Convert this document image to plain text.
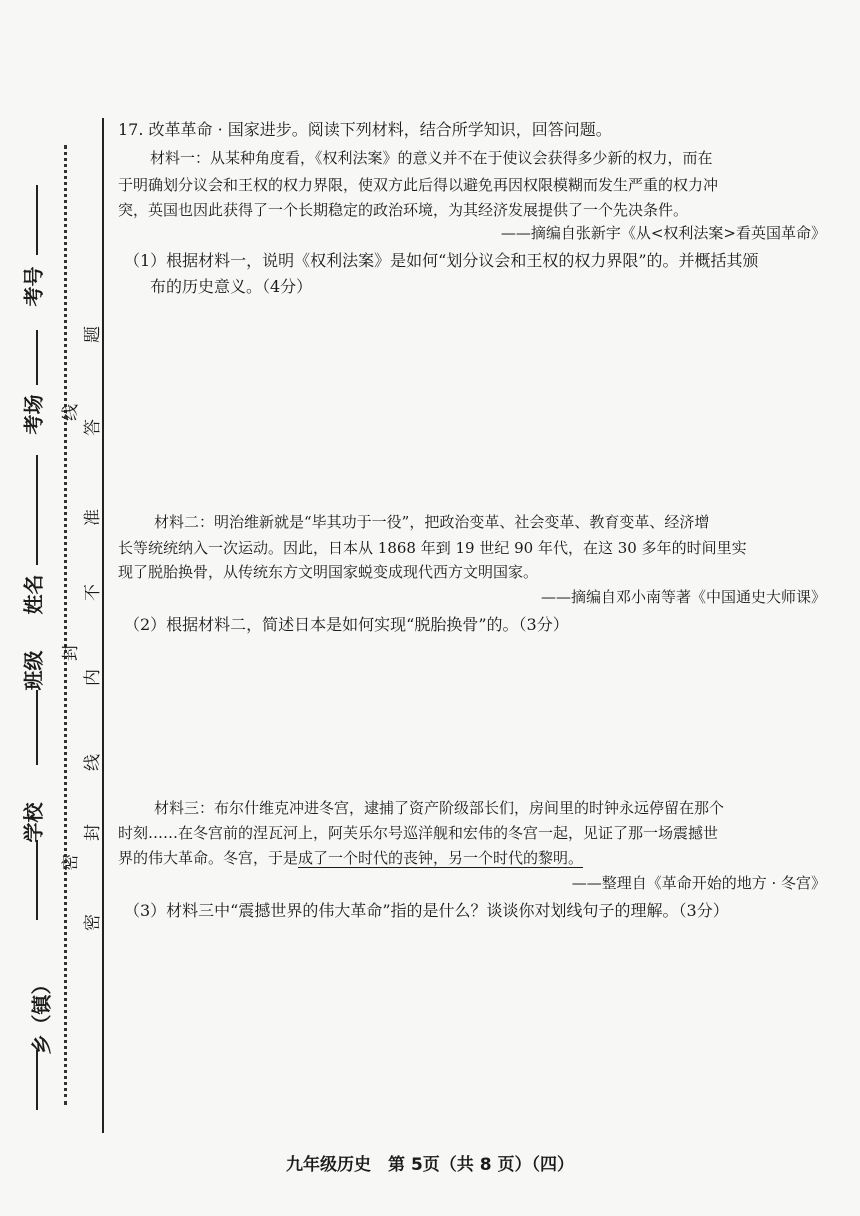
考号
考场
姓名
班级
学校
乡（镇）
题
答
准
不
内
封
线
封
密
密
线
17. 改革革命 · 国家进步。阅读下列材料，结合所学知识，回答问题。
材料一：从某种角度看，《权利法案》的意义并不在于使议会获得多少新的权力，而在
于明确划分议会和王权的权力界限，使双方此后得以避免再因权限模糊而发生严重的权力冲
突，英国也因此获得了一个长期稳定的政治环境，为其经济发展提供了一个先决条件。
——摘编自张新宇《从<权利法案>看英国革命》
（1）根据材料一，说明《权利法案》是如何“划分议会和王权的权力界限”的。并概括其颁
布的历史意义。（4分）
材料二：明治维新就是“毕其功于一役”，把政治变革、社会变革、教育变革、经济增
长等统统纳入一次运动。因此，日本从 1868 年到 19 世纪 90 年代，在这 30 多年的时间里实
现了脱胎换骨，从传统东方文明国家蜕变成现代西方文明国家。
——摘编自邓小南等著《中国通史大师课》
（2）根据材料二，简述日本是如何实现“脱胎换骨”的。（3分）
材料三：布尔什维克冲进冬宫，逮捕了资产阶级部长们，房间里的时钟永远停留在那个
时刻……在冬宫前的涅瓦河上，阿芙乐尔号巡洋舰和宏伟的冬宫一起，见证了那一场震撼世
界的伟大革命。冬宫，于是成了一个时代的丧钟，另一个时代的黎明。
——整理自《革命开始的地方 · 冬宫》
（3）材料三中“震撼世界的伟大革命”指的是什么？谈谈你对划线句子的理解。（3分）
九年级历史　第 5页（共 8 页）（四）
